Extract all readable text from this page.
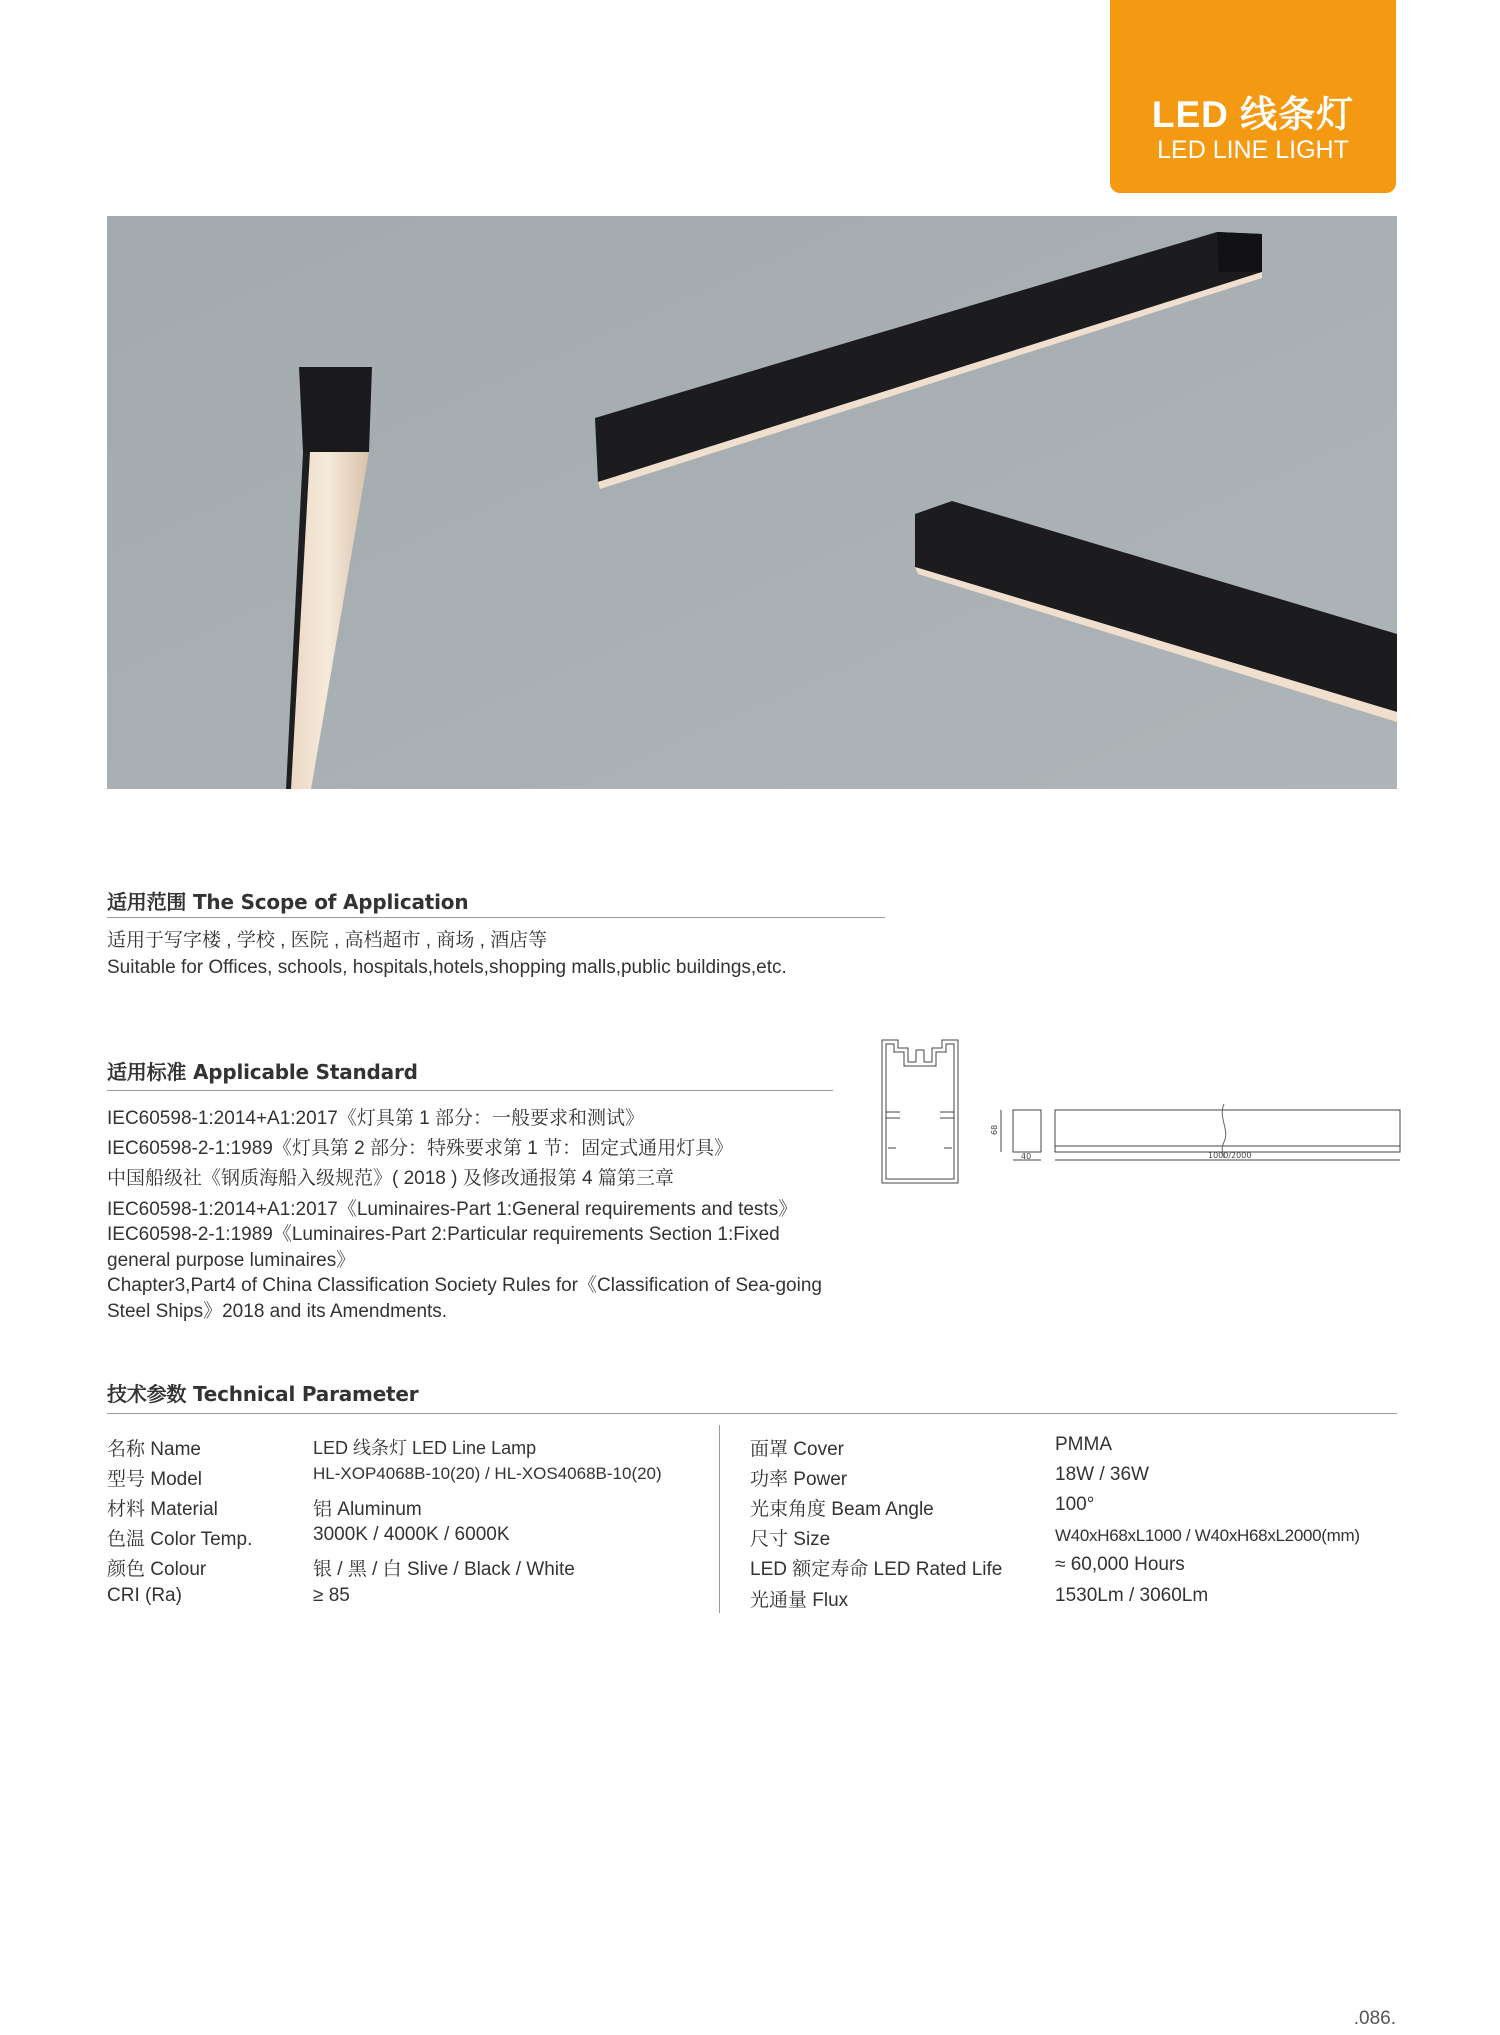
LED 线条灯
LED LINE LIGHT
适用范围 The Scope of Application
适用于写字楼 , 学校 , 医院 , 高档超市 , 商场 , 酒店等
Suitable for Offices, schools, hospitals,hotels,shopping malls,public buildings,etc.
适用标准 Applicable Standard
IEC60598-1:2014+A1:2017《灯具第 1 部分：一般要求和测试》
IEC60598-2-1:1989《灯具第 2 部分：特殊要求第 1 节：固定式通用灯具》
中国船级社《钢质海船入级规范》( 2018 ) 及修改通报第 4 篇第三章
IEC60598-1:2014+A1:2017《Luminaires-Part 1:General requirements and tests》
IEC60598-2-1:1989《Luminaires-Part 2:Particular requirements Section 1:Fixed
general purpose luminaires》
Chapter3,Part4 of China Classification Society Rules for《Classification of Sea-going
Steel Ships》2018 and its Amendments.
68
40	1000/2000
技术参数 Technical Parameter
名称 Name	LED 线条灯 LED Line Lamp
型号 Model	HL-XOP4068B-10(20) / HL-XOS4068B-10(20)
材料 Material	铝 Aluminum
色温 Color Temp.	3000K / 4000K / 6000K
颜色 Colour	银 / 黑 / 白 Slive / Black / White
CRI (Ra)	≥ 85
面罩 Cover	PMMA
功率 Power	18W / 36W
光束角度 Beam Angle	100°
尺寸 Size	W40xH68xL1000 / W40xH68xL2000(mm)
LED 额定寿命 LED Rated Life	≈ 60,000 Hours
光通量 Flux	1530Lm / 3060Lm
.086.
